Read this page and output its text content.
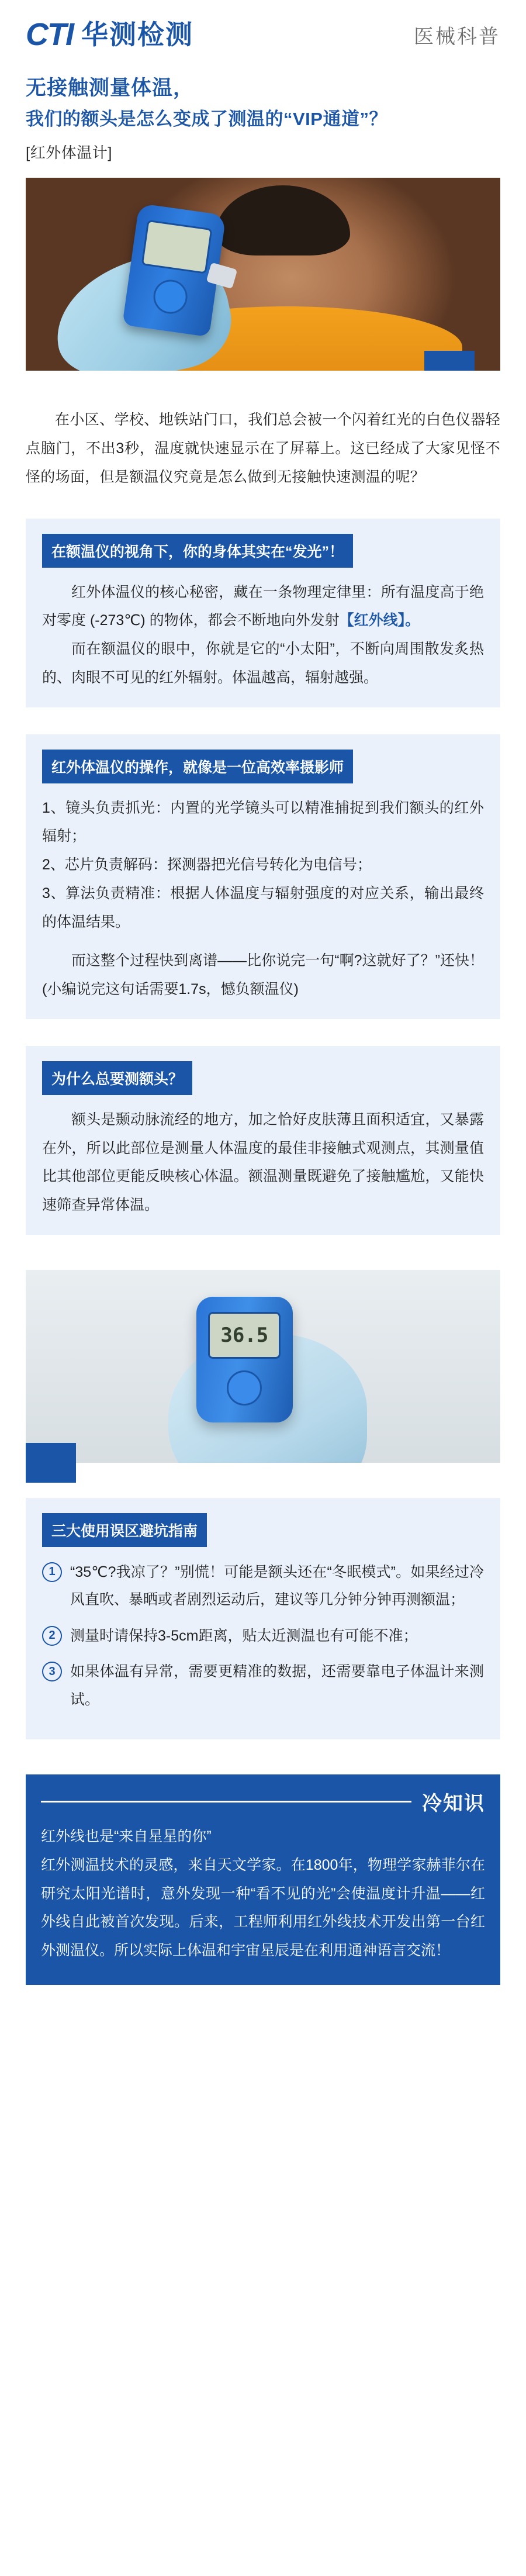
CTI 华测检测	医械科普
无接触测量体温，
我们的额头是怎么变成了测温的“VIP通道”？
[红外体温计]

在小区、学校、地铁站门口，我们总会被一个闪着红光的白色仪器轻点脑门，不出3秒，温度就快速显示在了屏幕上。这已经成了大家见怪不怪的场面，但是额温仪究竟是怎么做到无接触快速测温的呢？

在额温仪的视角下，你的身体其实在“发光”！

红外体温仪的核心秘密，藏在一条物理定律里：所有温度高于绝对零度 (-273℃) 的物体，都会不断地向外发射【红外线】。

而在额温仪的眼中，你就是它的“小太阳”，不断向周围散发炙热的、肉眼不可见的红外辐射。体温越高，辐射越强。

红外体温仪的操作，就像是一位高效率摄影师

1、镜头负责抓光：内置的光学镜头可以精准捕捉到我们额头的红外辐射；

2、芯片负责解码：探测器把光信号转化为电信号；

3、算法负责精准：根据人体温度与辐射强度的对应关系，输出最终的体温结果。

而这整个过程快到离谱——比你说完一句“啊?这就好了？”还快！(小编说完这句话需要1.7s，憾负额温仪)

为什么总要测额头？

额头是颞动脉流经的地方，加之恰好皮肤薄且面积适宜，又暴露在外，所以此部位是测量人体温度的最佳非接触式观测点，其测量值比其他部位更能反映核心体温。额温测量既避免了接触尴尬，又能快速筛查异常体温。

36.5
三大使用误区避坑指南
1	“35℃?我凉了？”别慌！可能是额头还在“冬眠模式”。如果经过冷风直吹、暴晒或者剧烈运动后，建议等几分钟分钟再测额温；
2	测量时请保持3-5cm距离，贴太近测温也有可能不准；
3	如果体温有异常，需要更精准的数据，还需要靠电子体温计来测试。
冷知识

红外线也是“来自星星的你”

红外测温技术的灵感，来自天文学家。在1800年，物理学家赫菲尔在研究太阳光谱时，意外发现一种“看不见的光”会使温度计升温——红外线自此被首次发现。后来，工程师利用红外线技术开发出第一台红外测温仪。所以实际上体温和宇宙星辰是在利用通神语言交流！
